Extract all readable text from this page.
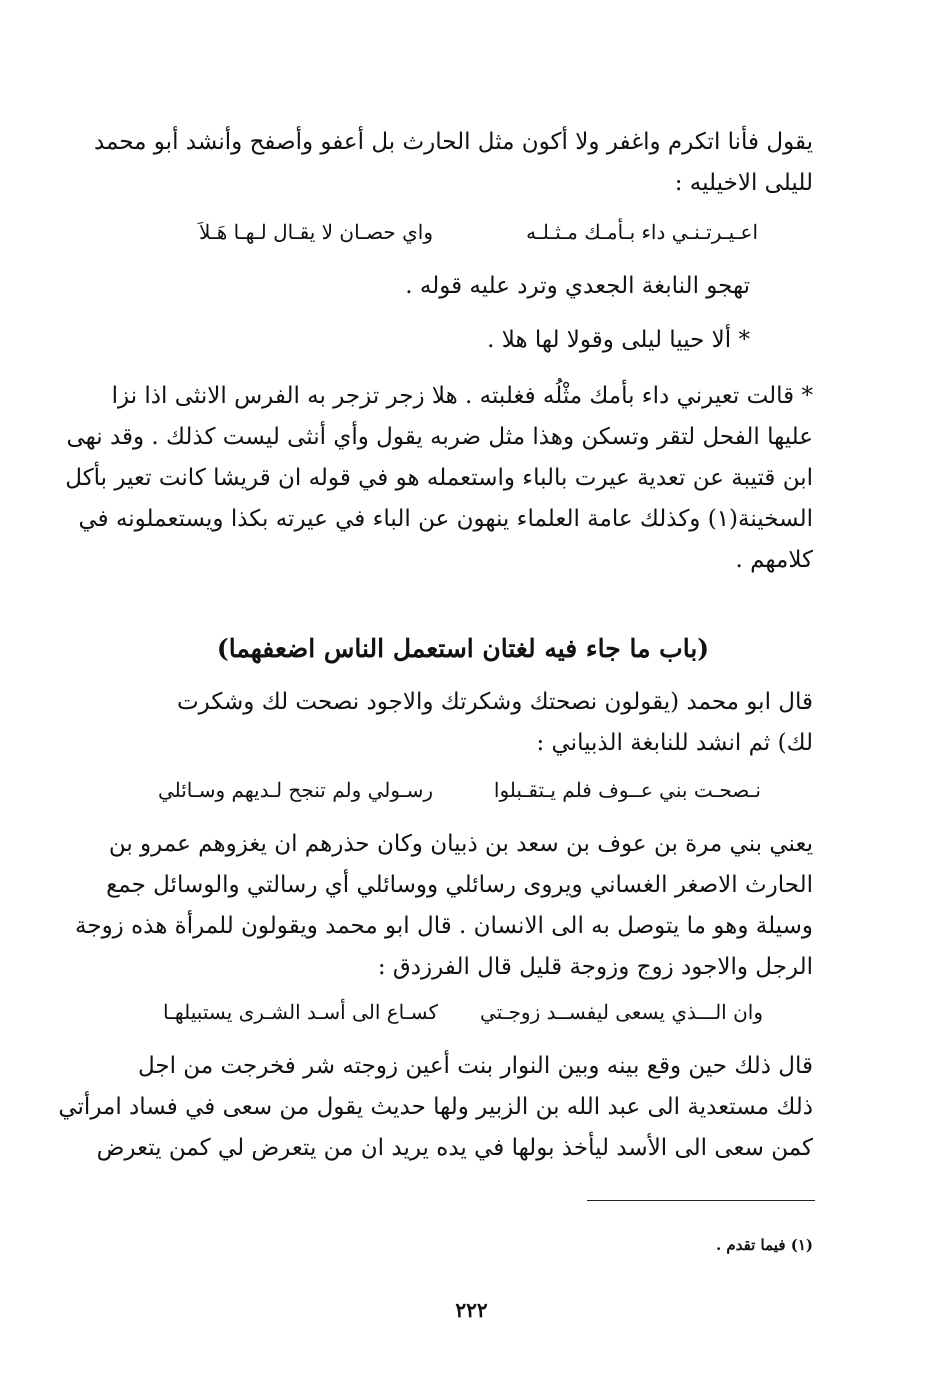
يقول فأنا اتكرم واغفر ولا أكون مثل الحارث بل أعفو وأصفح وأنشد أبو محمد
لليلى الاخيليه :
اعـيـرتـنـي داء بـأمـك مـثـلـه
واي حصـان لا يقـال لـهـا هَـلاَ
تهجو النابغة الجعدي وترد عليه قوله .
* ألا حييا ليلى وقولا لها هلا .
* قالت تعيرني داء بأمك مثْلُه فغلبته . هلا زجر تزجر به الفرس الانثى اذا نزا
عليها الفحل لتقر وتسكن وهذا مثل ضربه يقول وأي أنثى ليست كذلك . وقد نهى
ابن قتيبة عن تعدية عيرت بالباء واستعمله هو في قوله ان قريشا كانت تعير بأكل
السخينة(١) وكذلك عامة العلماء ينهون عن الباء في عيرته بكذا ويستعملونه في
كلامهم .
(باب ما جاء فيه لغتان استعمل الناس اضعفهما)
قال ابو محمد (يقولون نصحتك وشكرتك والاجود نصحت لك وشكرت
لك) ثم انشد للنابغة الذبياني :
نـصحـت بني عــوف فلم يـتقـبلوا
رسـولي ولم تنجح لـديهم وسـائلي
يعني بني مرة بن عوف بن سعد بن ذبيان وكان حذرهم ان يغزوهم عمرو بن
الحارث الاصغر الغساني ويروى رسائلي ووسائلي أي رسالتي والوسائل جمع
وسيلة وهو ما يتوصل به الى الانسان . قال ابو محمد ويقولون للمرأة هذه زوجة
الرجل والاجود زوج وزوجة قليل قال الفرزدق :
وان الـــذي يسعى ليفســد زوجـتي
كسـاع الى أسـد الشـرى يستبيلهـا
قال ذلك حين وقع بينه وبين النوار بنت أعين زوجته شر فخرجت من اجل
ذلك مستعدية الى عبد الله بن الزبير ولها حديث يقول من سعى في فساد امرأتي
كمن سعى الى الأسد ليأخذ بولها في يده يريد ان من يتعرض لي كمن يتعرض
(١) فيما تقدم .
٢٢٢
